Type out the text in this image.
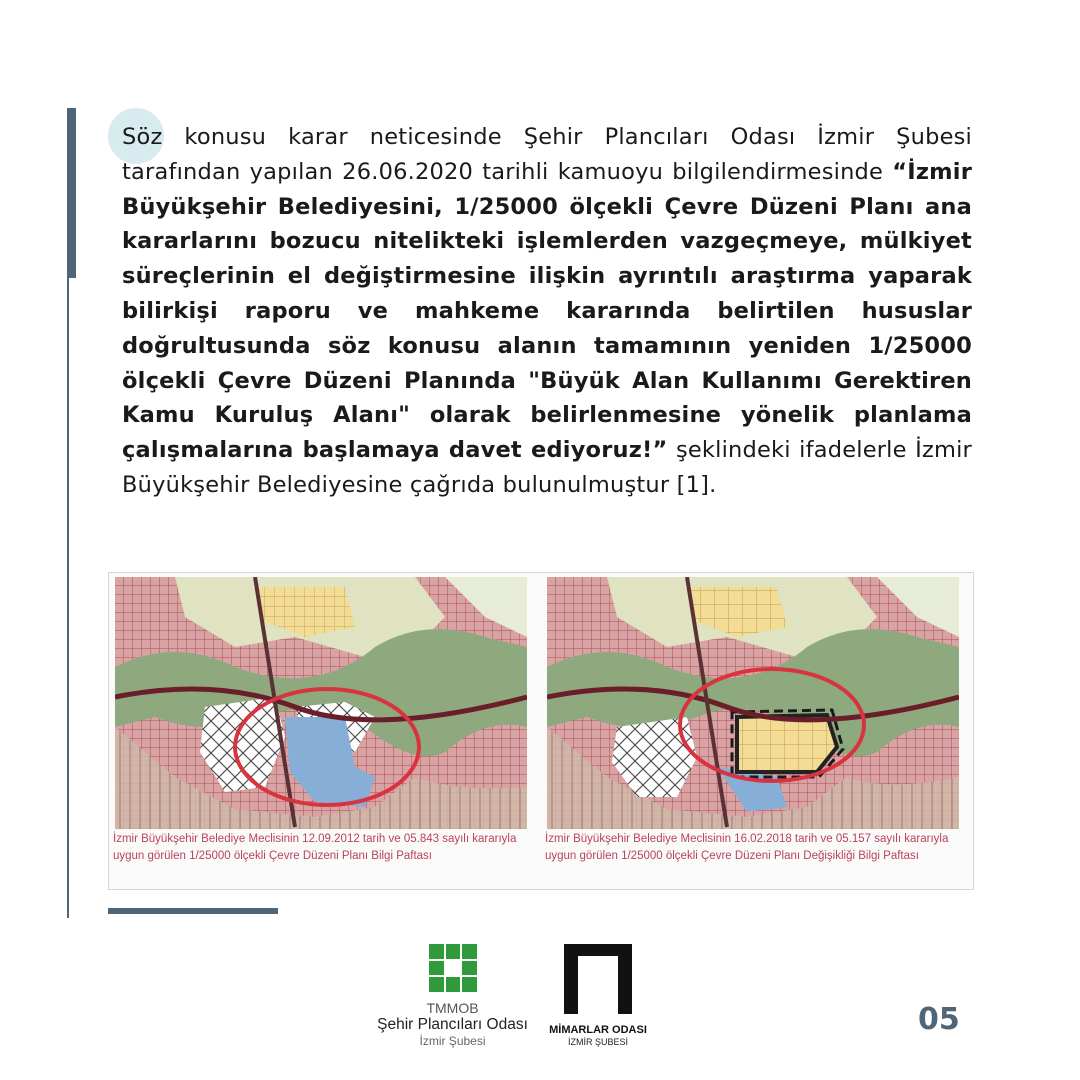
Söz konusu karar neticesinde Şehir Plancıları Odası İzmir Şubesi tarafından yapılan 26.06.2020 tarihli kamuoyu bilgilendirmesinde “İzmir Büyükşehir Belediyesini, 1/25000 ölçekli Çevre Düzeni Planı ana kararlarını bozucu nitelikteki işlemlerden vazgeçmeye, mülkiyet süreçlerinin el değiştirmesine ilişkin ayrıntılı araştırma yaparak bilirkişi raporu ve mahkeme kararında belirtilen hususlar doğrultusunda söz konusu alanın tamamının yeniden 1/25000 ölçekli Çevre Düzeni Planında "Büyük Alan Kullanımı Gerektiren Kamu Kuruluş Alanı" olarak belirlenmesine yönelik planlama çalışmalarına başlamaya davet ediyoruz!” şeklindeki ifadelerle İzmir Büyükşehir Belediyesine çağrıda bulunulmuştur [1].
İzmir Büyükşehir Belediye Meclisinin 12.09.2012 tarih ve 05.843 sayılı kararıyla uygun görülen 1/25000 ölçekli Çevre Düzeni Planı Bilgi Paftası
İzmir Büyükşehir Belediye Meclisinin 16.02.2018 tarih ve 05.157 sayılı kararıyla uygun görülen 1/25000 ölçekli Çevre Düzeni Planı Değişikliği Bilgi Paftası
TMMOB
Şehir Plancıları Odası
İzmir Şubesi
MİMARLAR ODASI
İZMİR ŞUBESİ
05
